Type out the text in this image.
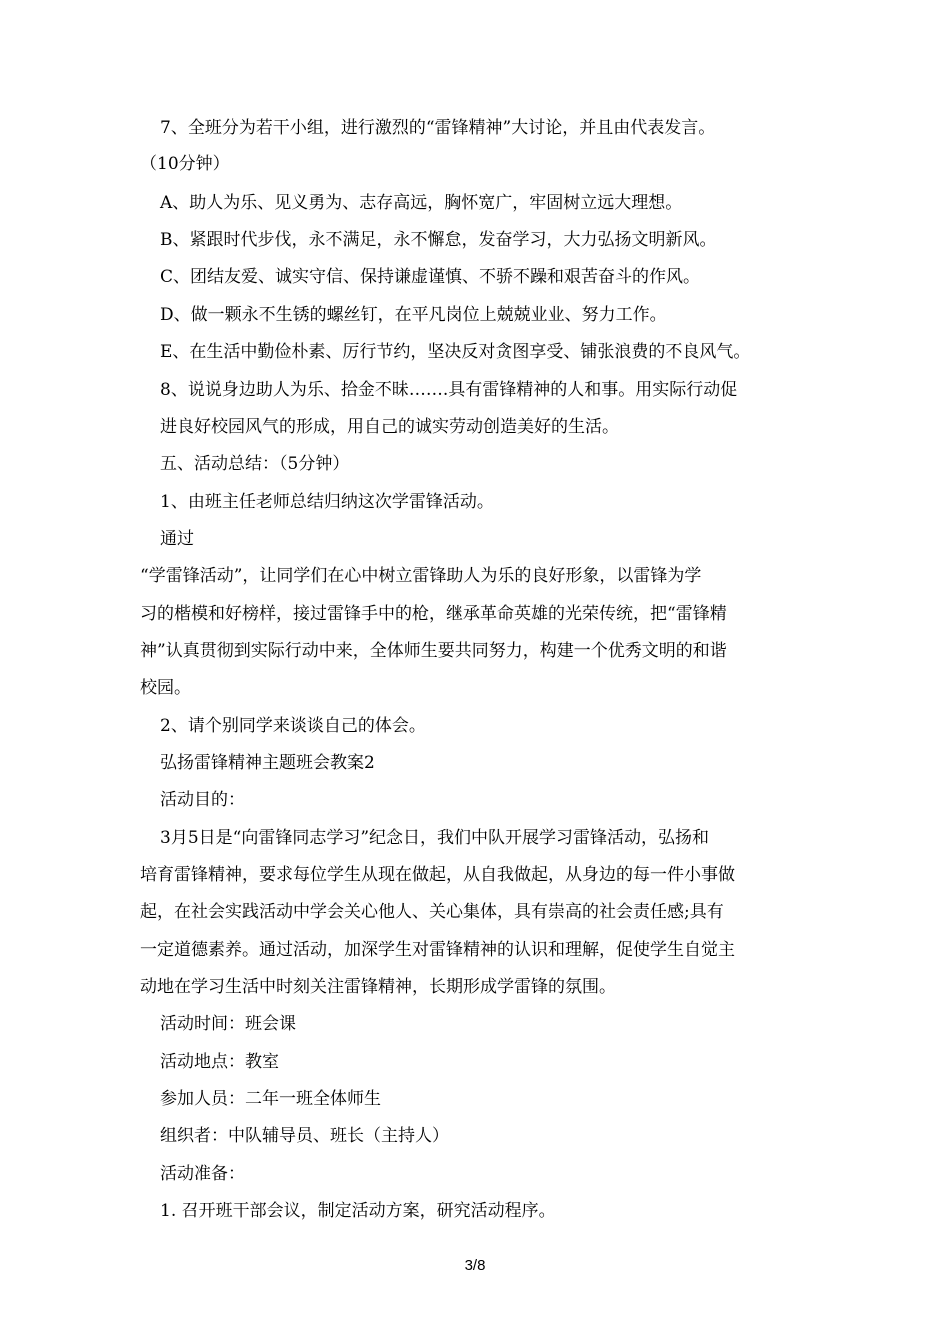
7、全班分为若干小组，进行激烈的“雷锋精神”大讨论，并且由代表发言。

（10分钟）

A、助人为乐、见义勇为、志存高远，胸怀宽广，牢固树立远大理想。

B、紧跟时代步伐，永不满足，永不懈怠，发奋学习，大力弘扬文明新风。

C、团结友爱、诚实守信、保持谦虚谨慎、不骄不躁和艰苦奋斗的作风。

D、做一颗永不生锈的螺丝钉，在平凡岗位上兢兢业业、努力工作。

E、在生活中勤俭朴素、厉行节约，坚决反对贪图享受、铺张浪费的不良风气。

8、说说身边助人为乐、拾金不昧…….具有雷锋精神的人和事。用实际行动促

进良好校园风气的形成，用自己的诚实劳动创造美好的生活。

五、活动总结：（5分钟）

1、由班主任老师总结归纳这次学雷锋活动。

通过

“学雷锋活动”，让同学们在心中树立雷锋助人为乐的良好形象，以雷锋为学

习的楷模和好榜样，接过雷锋手中的枪，继承革命英雄的光荣传统，把“雷锋精

神”认真贯彻到实际行动中来，全体师生要共同努力，构建一个优秀文明的和谐

校园。

2、请个别同学来谈谈自己的体会。

弘扬雷锋精神主题班会教案2

活动目的：

3月5日是“向雷锋同志学习”纪念日，我们中队开展学习雷锋活动，弘扬和

培育雷锋精神，要求每位学生从现在做起，从自我做起，从身边的每一件小事做

起，在社会实践活动中学会关心他人、关心集体，具有崇高的社会责任感;具有

一定道德素养。通过活动，加深学生对雷锋精神的认识和理解，促使学生自觉主

动地在学习生活中时刻关注雷锋精神，长期形成学雷锋的氛围。

活动时间：班会课

活动地点：教室

参加人员：二年一班全体师生

组织者：中队辅导员、班长（主持人）

活动准备：

1. 召开班干部会议，制定活动方案，研究活动程序。

3/8
